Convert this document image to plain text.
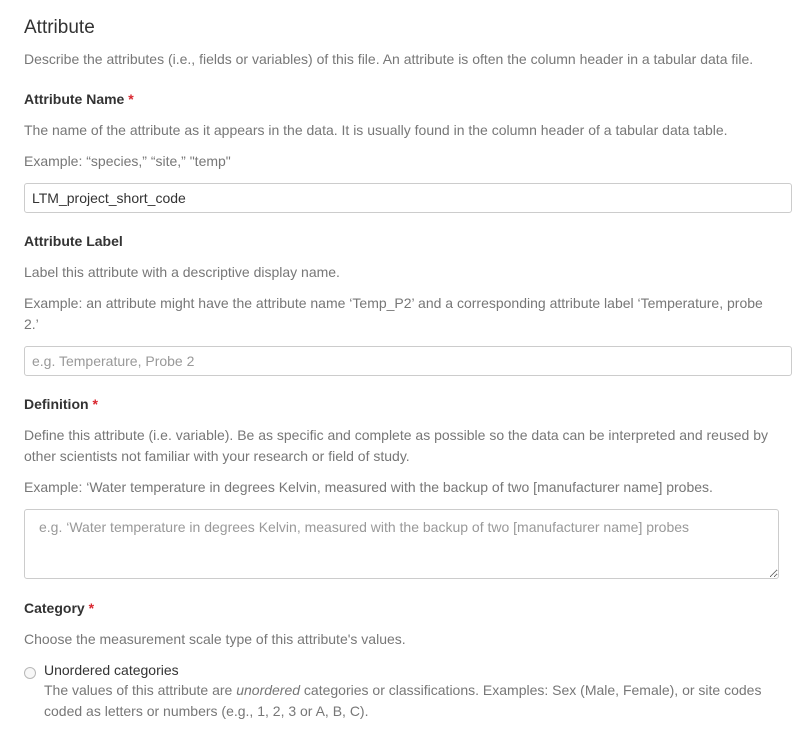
Attribute

Describe the attributes (i.e., fields or variables) of this file. An attribute is often the column header in a tabular data file.

Attribute Name *

The name of the attribute as it appears in the data. It is usually found in the column header of a tabular data table.

Example: “species,” “site,” "temp"

LTM_project_short_code
Attribute Label

Label this attribute with a descriptive display name.

Example: an attribute might have the attribute name ‘Temp_P2’ and a corresponding attribute label ‘Temperature, probe 2.’

e.g. Temperature, Probe 2
Definition *

Define this attribute (i.e. variable). Be as specific and complete as possible so the data can be interpreted and reused by other scientists not familiar with your research or field of study.

Example: ‘Water temperature in degrees Kelvin, measured with the backup of two [manufacturer name] probes.

e.g. ‘Water temperature in degrees Kelvin, measured with the backup of two [manufacturer name] probes
Category *

Choose the measurement scale type of this attribute's values.

Unordered categories

The values of this attribute are unordered categories or classifications. Examples: Sex (Male, Female), or site codes coded as letters or numbers (e.g., 1, 2, 3 or A, B, C).
